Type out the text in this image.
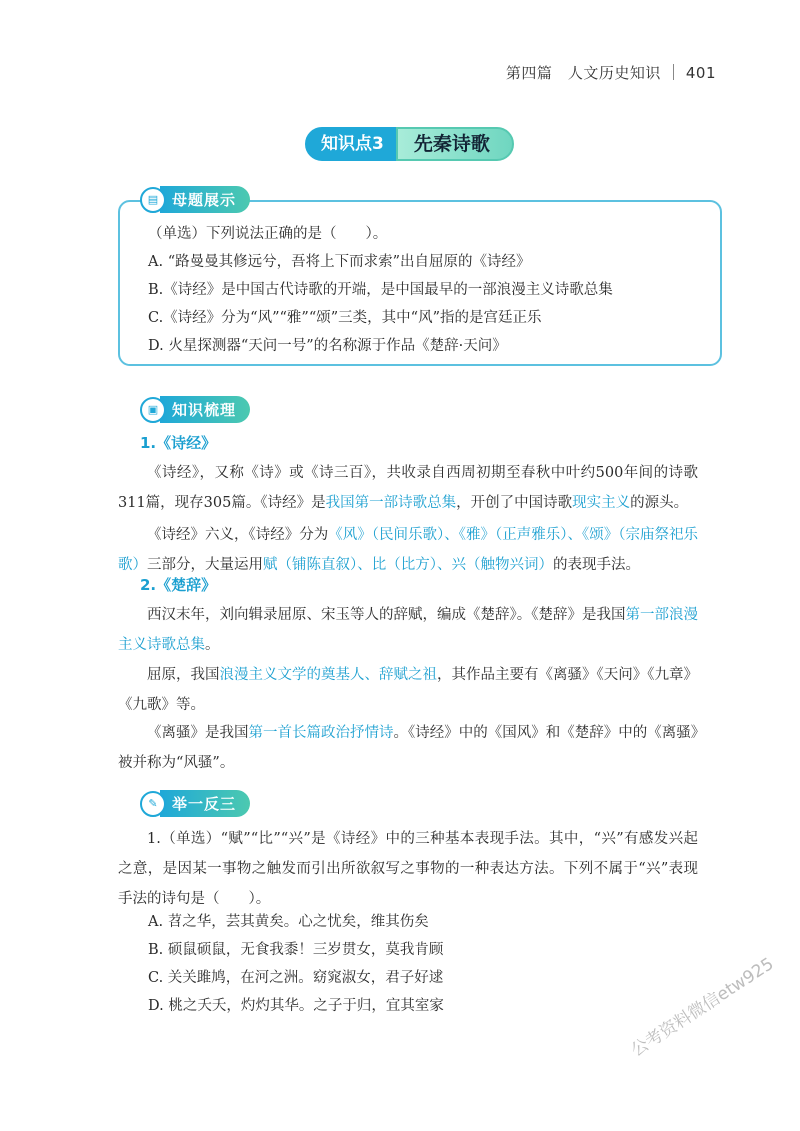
第四篇　人文历史知识 401
知识点3	先秦诗歌
▤ 母题展示
（单选）下列说法正确的是（　　）。
A. “路曼曼其修远兮，吾将上下而求索”出自屈原的《诗经》
B.《诗经》是中国古代诗歌的开端，是中国最早的一部浪漫主义诗歌总集
C.《诗经》分为“风”“雅”“颂”三类，其中“风”指的是宫廷正乐
D. 火星探测器“天问一号”的名称源于作品《楚辞·天问》
▣ 知识梳理
1.《诗经》
《诗经》，又称《诗》或《诗三百》，共收录自西周初期至春秋中叶约500年间的诗歌311篇，现存305篇。《诗经》是我国第一部诗歌总集，开创了中国诗歌现实主义的源头。
《诗经》六义，《诗经》分为《风》（民间乐歌）、《雅》（正声雅乐）、《颂》（宗庙祭祀乐歌）三部分，大量运用赋（铺陈直叙）、比（比方）、兴（触物兴词）的表现手法。
2.《楚辞》
西汉末年，刘向辑录屈原、宋玉等人的辞赋，编成《楚辞》。《楚辞》是我国第一部浪漫主义诗歌总集。
屈原，我国浪漫主义文学的奠基人、辞赋之祖，其作品主要有《离骚》《天问》《九章》《九歌》等。
《离骚》是我国第一首长篇政治抒情诗。《诗经》中的《国风》和《楚辞》中的《离骚》被并称为“风骚”。
✎ 举一反三
1.（单选）“赋”“比”“兴”是《诗经》中的三种基本表现手法。其中，“兴”有感发兴起之意，是因某一事物之触发而引出所欲叙写之事物的一种表达方法。下列不属于“兴”表现手法的诗句是（　　）。
A. 苕之华，芸其黄矣。心之忧矣，维其伤矣
B. 硕鼠硕鼠，无食我黍！三岁贯女，莫我肯顾
C. 关关雎鸠，在河之洲。窈窕淑女，君子好逑
D. 桃之夭夭，灼灼其华。之子于归，宜其室家	公考资料微信etw925
